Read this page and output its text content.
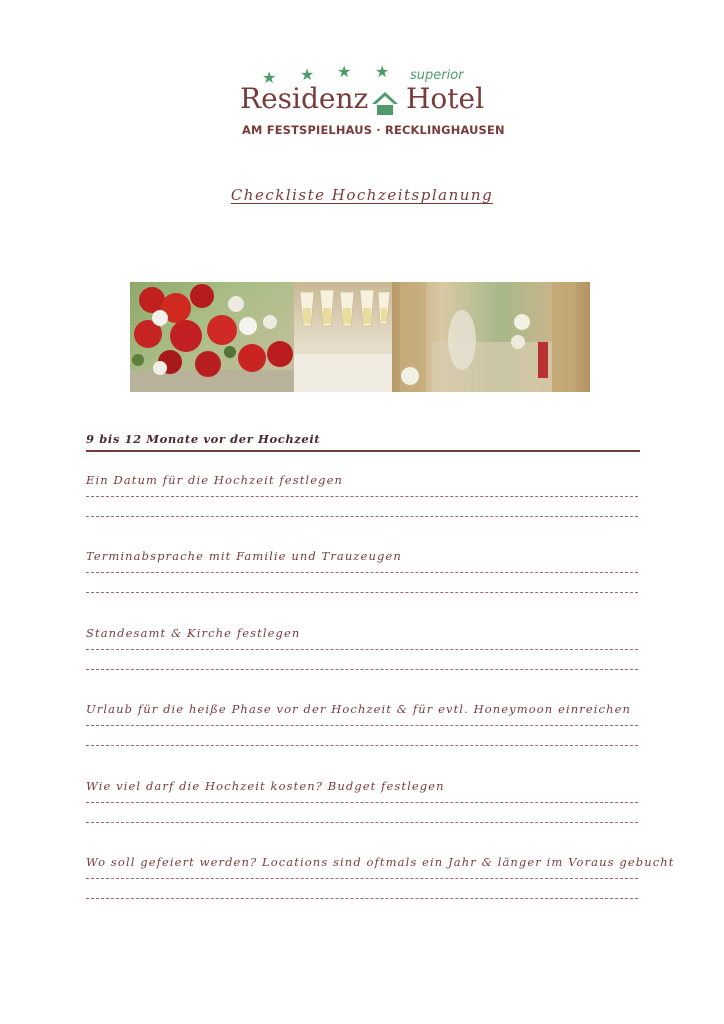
★ ★ ★ ★ superior
Residenz Hotel
AM FESTSPIELHAUS · RECKLINGHAUSEN
Checkliste Hochzeitsplanung
9 bis 12 Monate vor der Hochzeit
Ein Datum für die Hochzeit festlegen
Terminabsprache mit Familie und Trauzeugen
Standesamt & Kirche festlegen
Urlaub für die heiße Phase vor der Hochzeit & für evtl. Honeymoon einreichen
Wie viel darf die Hochzeit kosten? Budget festlegen
Wo soll gefeiert werden? Locations sind oftmals ein Jahr & länger im Voraus gebucht
